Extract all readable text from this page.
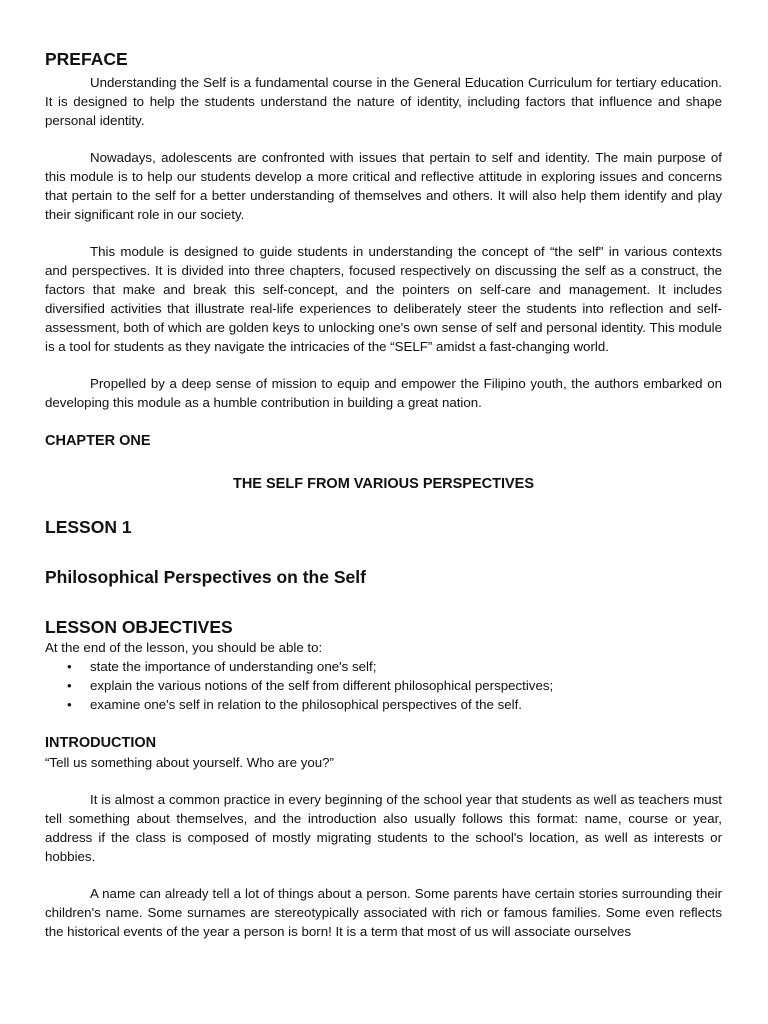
PREFACE

Understanding the Self is a fundamental course in the General Education Curriculum for tertiary education. It is designed to help the students understand the nature of identity, including factors that influence and shape personal identity.

Nowadays, adolescents are confronted with issues that pertain to self and identity. The main purpose of this module is to help our students develop a more critical and reflective attitude in exploring issues and concerns that pertain to the self for a better understanding of themselves and others. It will also help them identify and play their significant role in our society.

This module is designed to guide students in understanding the concept of “the self" in various contexts and perspectives. It is divided into three chapters, focused respectively on discussing the self as a construct, the factors that make and break this self-concept, and the pointers on self-care and management. It includes diversified activities that illustrate real-life experiences to deliberately steer the students into reflection and self-assessment, both of which are golden keys to unlocking one's own sense of self and personal identity. This module is a tool for students as they navigate the intricacies of the “SELF” amidst a fast-changing world.

Propelled by a deep sense of mission to equip and empower the Filipino youth, the authors embarked on developing this module as a humble contribution in building a great nation.

CHAPTER ONE
THE SELF FROM VARIOUS PERSPECTIVES
LESSON 1
Philosophical Perspectives on the Self
LESSON OBJECTIVES

At the end of the lesson, you should be able to:

• state the importance of understanding one's self;
• explain the various notions of the self from different philosophical perspectives;
• examine one's self in relation to the philosophical perspectives of the self.
INTRODUCTION

“Tell us something about yourself. Who are you?”

It is almost a common practice in every beginning of the school year that students as well as teachers must tell something about themselves, and the introduction also usually follows this format: name, course or year, address if the class is composed of mostly migrating students to the school's location, as well as interests or hobbies.

A name can already tell a lot of things about a person. Some parents have certain stories surrounding their children's name. Some surnames are stereotypically associated with rich or famous families. Some even reflects the historical events of the year a person is born! It is a term that most of us will associate ourselves
